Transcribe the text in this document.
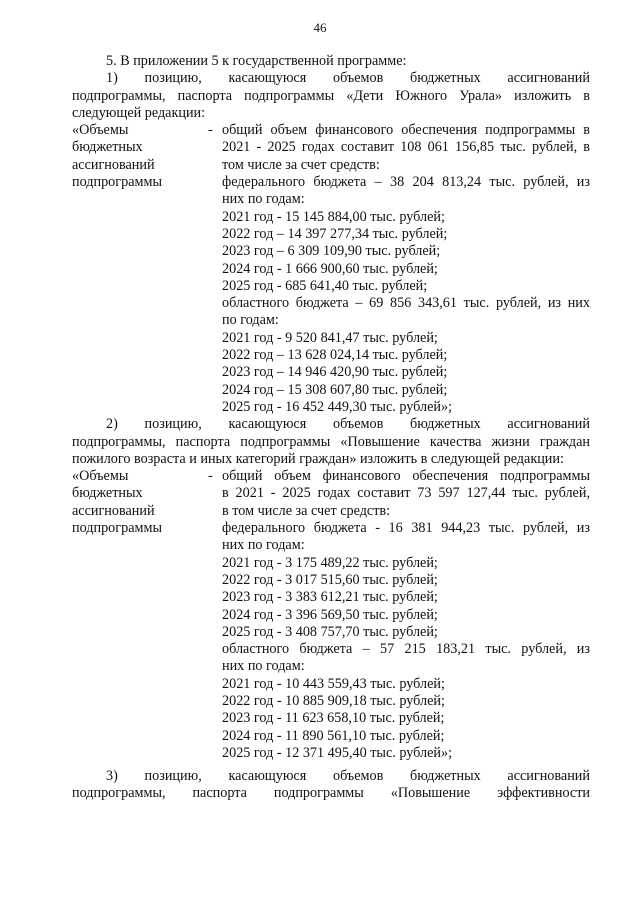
46

5. В приложении 5 к государственной программе:

1) позицию, касающуюся объемов бюджетных ассигнований

подпрограммы, паспорта подпрограммы «Дети Южного Урала» изложить в следующей редакции:

«Объемы
бюджетных
ассигнований
подпрограммы
- общий объем финансового обеспечения подпрограммы в
2021 - 2025 годах составит 108 061 156,85 тыс. рублей, в
том числе за счет средств:
федерального бюджета – 38 204 813,24 тыс. рублей, из
них по годам:
2021 год - 15 145 884,00 тыс. рублей;
2022 год – 14 397 277,34 тыс. рублей;
2023 год – 6 309 109,90 тыс. рублей;
2024 год - 1 666 900,60 тыс. рублей;
2025 год - 685 641,40 тыс. рублей;
областного бюджета – 69 856 343,61 тыс. рублей, из них
по годам:
2021 год - 9 520 841,47 тыс. рублей;
2022 год – 13 628 024,14 тыс. рублей;
2023 год – 14 946 420,90 тыс. рублей;
2024 год – 15 308 607,80 тыс. рублей;
2025 год - 16 452 449,30 тыс. рублей»;

2) позицию, касающуюся объемов бюджетных ассигнований

подпрограммы, паспорта подпрограммы «Повышение качества жизни граждан пожилого возраста и иных категорий граждан» изложить в следующей редакции:

«Объемы
бюджетных
ассигнований
подпрограммы
- общий объем финансового обеспечения подпрограммы
в 2021 - 2025 годах составит 73 597 127,44 тыс. рублей,
в том числе за счет средств:
федерального бюджета - 16 381 944,23 тыс. рублей, из
них по годам:
2021 год - 3 175 489,22 тыс. рублей;
2022 год - 3 017 515,60 тыс. рублей;
2023 год - 3 383 612,21 тыс. рублей;
2024 год - 3 396 569,50 тыс. рублей;
2025 год - 3 408 757,70 тыс. рублей;
областного бюджета – 57 215 183,21 тыс. рублей, из
них по годам:
2021 год - 10 443 559,43 тыс. рублей;
2022 год - 10 885 909,18 тыс. рублей;
2023 год - 11 623 658,10 тыс. рублей;
2024 год - 11 890 561,10 тыс. рублей;
2025 год - 12 371 495,40 тыс. рублей»;

3) позицию, касающуюся объемов бюджетных ассигнований

подпрограммы, паспорта подпрограммы «Повышение эффективности
